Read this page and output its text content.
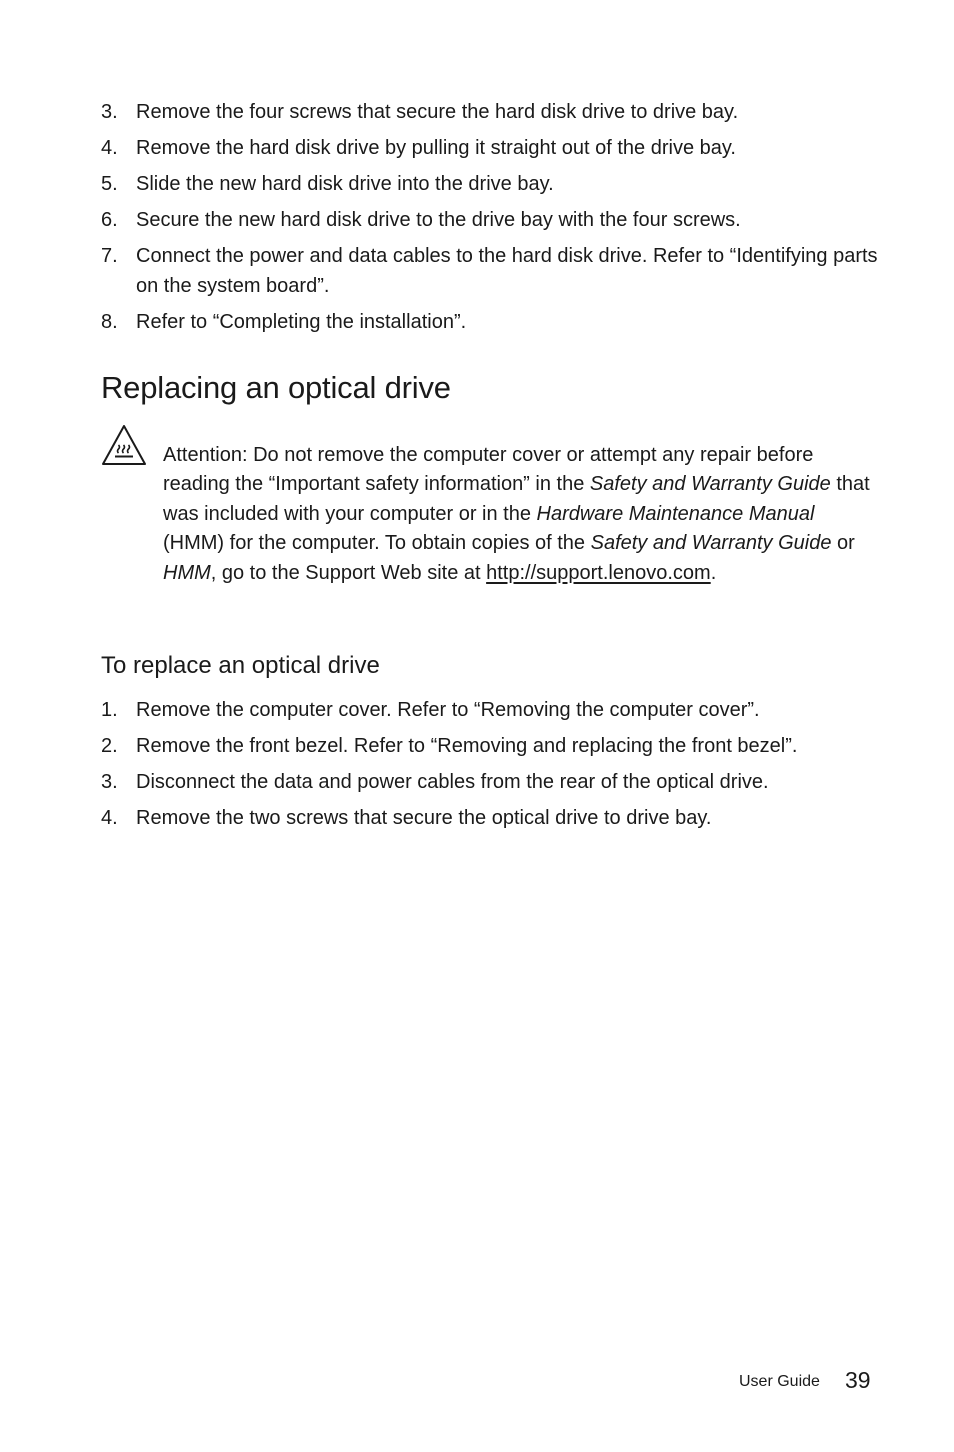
3. Remove the four screws that secure the hard disk drive to drive bay.
4. Remove the hard disk drive by pulling it straight out of the drive bay.
5. Slide the new hard disk drive into the drive bay.
6. Secure the new hard disk drive to the drive bay with the four screws.
7. Connect the power and data cables to the hard disk drive. Refer to “Identifying parts on the system board”.
8. Refer to “Completing the installation”.
Replacing an optical drive

Attention: Do not remove the computer cover or attempt any repair before reading the “Important safety information” in the Safety and Warranty Guide that was included with your computer or in the Hardware Maintenance Manual (HMM) for the computer. To obtain copies of the Safety and Warranty Guide or HMM, go to the Support Web site at http://support.lenovo.com.

To replace an optical drive
1. Remove the computer cover. Refer to “Removing the computer cover”.
2. Remove the front bezel. Refer to “Removing and replacing the front bezel”.
3. Disconnect the data and power cables from the rear of the optical drive.
4. Remove the two screws that secure the optical drive to drive bay.
User Guide 39
